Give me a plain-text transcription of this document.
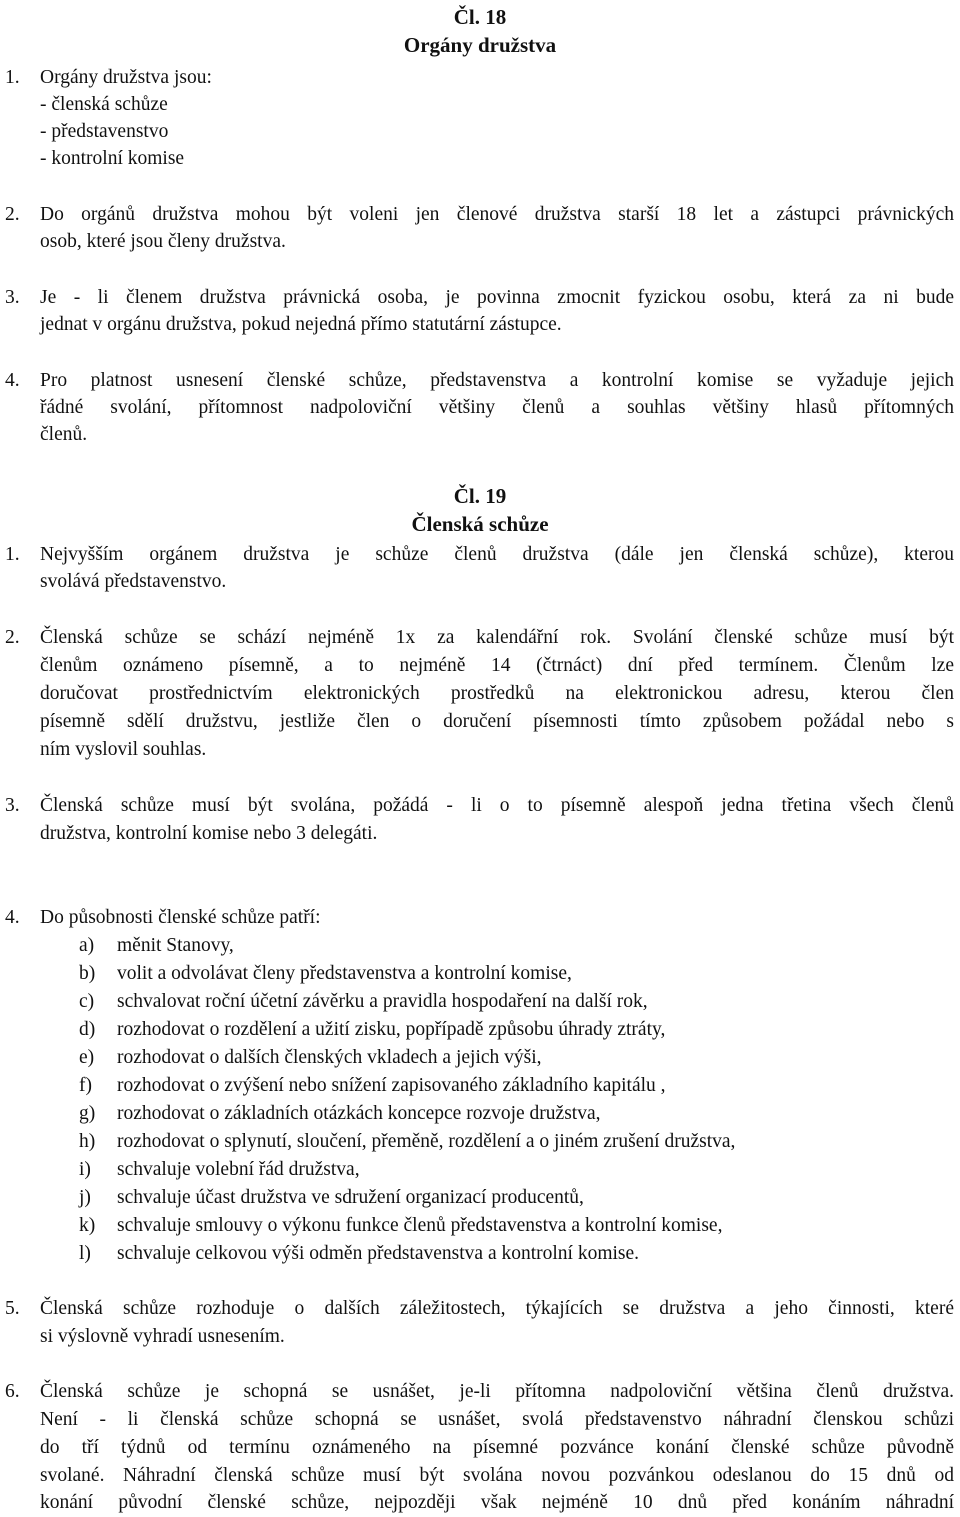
Čl. 18
Orgány družstva
1. Orgány družstva jsou:
- členská schůze
- představenstvo
- kontrolní komise
2. Do orgánů družstva mohou být voleni jen členové družstva starší 18 let a zástupci právnických
osob, které jsou členy družstva.
3. Je - li členem družstva právnická osoba, je povinna zmocnit fyzickou osobu, která za ni bude
jednat v orgánu družstva, pokud nejedná přímo statutární zástupce.
4. Pro platnost usnesení členské schůze, představenstva a kontrolní komise se vyžaduje jejich
řádné svolání, přítomnost nadpoloviční většiny členů a souhlas většiny hlasů přítomných
členů.
Čl. 19
Členská schůze
1. Nejvyšším orgánem družstva je schůze členů družstva (dále jen členská schůze), kterou
svolává představenstvo.
2. Členská schůze se schází nejméně 1x za kalendářní rok. Svolání členské schůze musí být
členům oznámeno písemně, a to nejméně 14 (čtrnáct) dní před termínem. Členům lze
doručovat prostřednictvím elektronických prostředků na elektronickou adresu, kterou člen
písemně sdělí družstvu, jestliže člen o doručení písemnosti tímto způsobem požádal nebo s
ním vyslovil souhlas.
3. Členská schůze musí být svolána, požádá - li o to písemně alespoň jedna třetina všech členů
družstva, kontrolní komise nebo 3 delegáti.
4. Do působnosti členské schůze patří:
a) měnit Stanovy,
b) volit a odvolávat členy představenstva a kontrolní komise,
c) schvalovat roční účetní závěrku a pravidla hospodaření na další rok,
d) rozhodovat o rozdělení a užití zisku, popřípadě způsobu úhrady ztráty,
e) rozhodovat o dalších členských vkladech a jejich výši,
f) rozhodovat o zvýšení nebo snížení zapisovaného základního kapitálu ,
g) rozhodovat o základních otázkách koncepce rozvoje družstva,
h) rozhodovat o splynutí, sloučení, přeměně, rozdělení a o jiném zrušení družstva,
i) schvaluje volební řád družstva,
j) schvaluje účast družstva ve sdružení organizací producentů,
k) schvaluje smlouvy o výkonu funkce členů představenstva a kontrolní komise,
l) schvaluje celkovou výši odměn představenstva a kontrolní komise.
5. Členská schůze rozhoduje o dalších záležitostech, týkajících se družstva a jeho činnosti, které
si výslovně vyhradí usnesením.
6. Členská schůze je schopná se usnášet, je-li přítomna nadpoloviční většina členů družstva.
Není - li členská schůze schopná se usnášet, svolá představenstvo náhradní členskou schůzi
do tří týdnů od termínu oznámeného na písemné pozvánce konání členské schůze původně
svolané. Náhradní členská schůze musí být svolána novou pozvánkou odeslanou do 15 dnů od
konání původní členské schůze, nejpozději však nejméně 10 dnů před konáním náhradní
